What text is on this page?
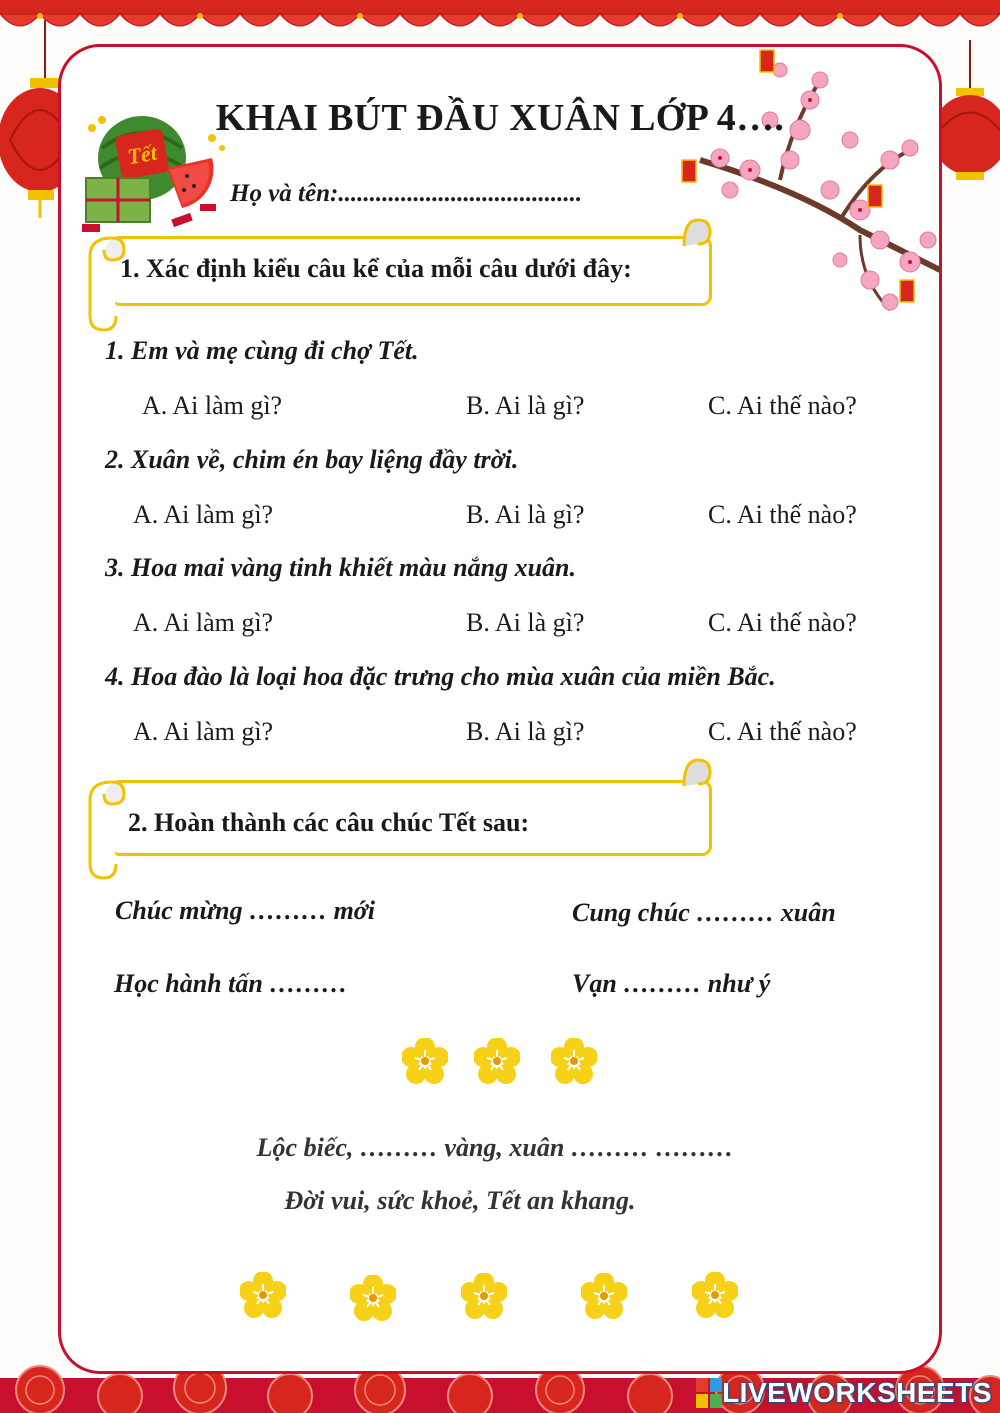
Tết
KHAI BÚT ĐẦU XUÂN LỚP 4….
Họ và tên:.......................................
1. Xác định kiểu câu kể của mỗi câu dưới đây:
1. Em và mẹ cùng đi chợ Tết.
A. Ai làm gì?	B. Ai là gì?	C. Ai thế nào?
2. Xuân về, chim én bay liệng đầy trời.
A. Ai làm gì?	B. Ai là gì?	C. Ai thế nào?
3. Hoa mai vàng tinh khiết màu nắng xuân.
A. Ai làm gì?	B. Ai là gì?	C. Ai thế nào?
4. Hoa đào là loại hoa đặc trưng cho mùa xuân của miền Bắc.
A. Ai làm gì?	B. Ai là gì?	C. Ai thế nào?
2. Hoàn thành các câu chúc Tết sau:
Chúc mừng ……… mới	Cung chúc ……… xuân
Học hành tấn ………	Vạn ……… như ý
Lộc biếc, ……… vàng, xuân ……… ………
Đời vui, sức khoẻ, Tết an khang.
LIVEWORKSHEETS
